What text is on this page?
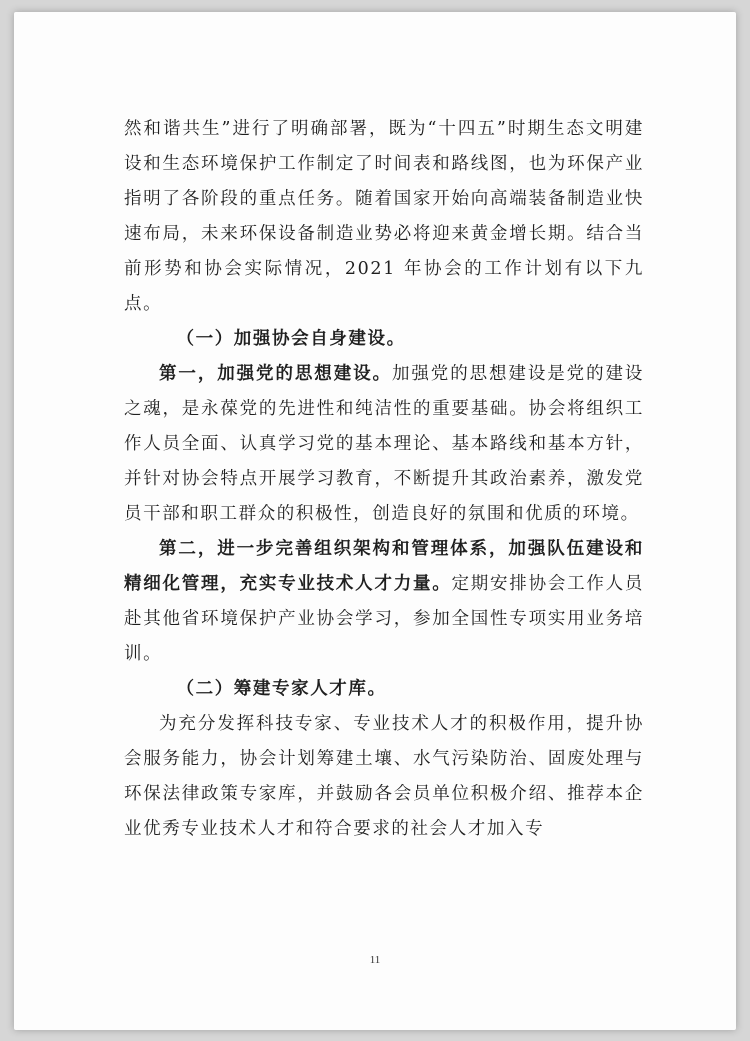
然和谐共生”进行了明确部署，既为“十四五”时期生态文明建设和生态环境保护工作制定了时间表和路线图，也为环保产业指明了各阶段的重点任务。随着国家开始向高端装备制造业快速布局，未来环保设备制造业势必将迎来黄金增长期。结合当前形势和协会实际情况，2021 年协会的工作计划有以下九点。

（一）加强协会自身建设。

第一，加强党的思想建设。加强党的思想建设是党的建设之魂，是永葆党的先进性和纯洁性的重要基础。协会将组织工作人员全面、认真学习党的基本理论、基本路线和基本方针，并针对协会特点开展学习教育，不断提升其政治素养，激发党员干部和职工群众的积极性，创造良好的氛围和优质的环境。

第二，进一步完善组织架构和管理体系，加强队伍建设和精细化管理，充实专业技术人才力量。定期安排协会工作人员赴其他省环境保护产业协会学习，参加全国性专项实用业务培训。

（二）筹建专家人才库。

为充分发挥科技专家、专业技术人才的积极作用，提升协会服务能力，协会计划筹建土壤、水气污染防治、固废处理与环保法律政策专家库，并鼓励各会员单位积极介绍、推荐本企业优秀专业技术人才和符合要求的社会人才加入专

11
